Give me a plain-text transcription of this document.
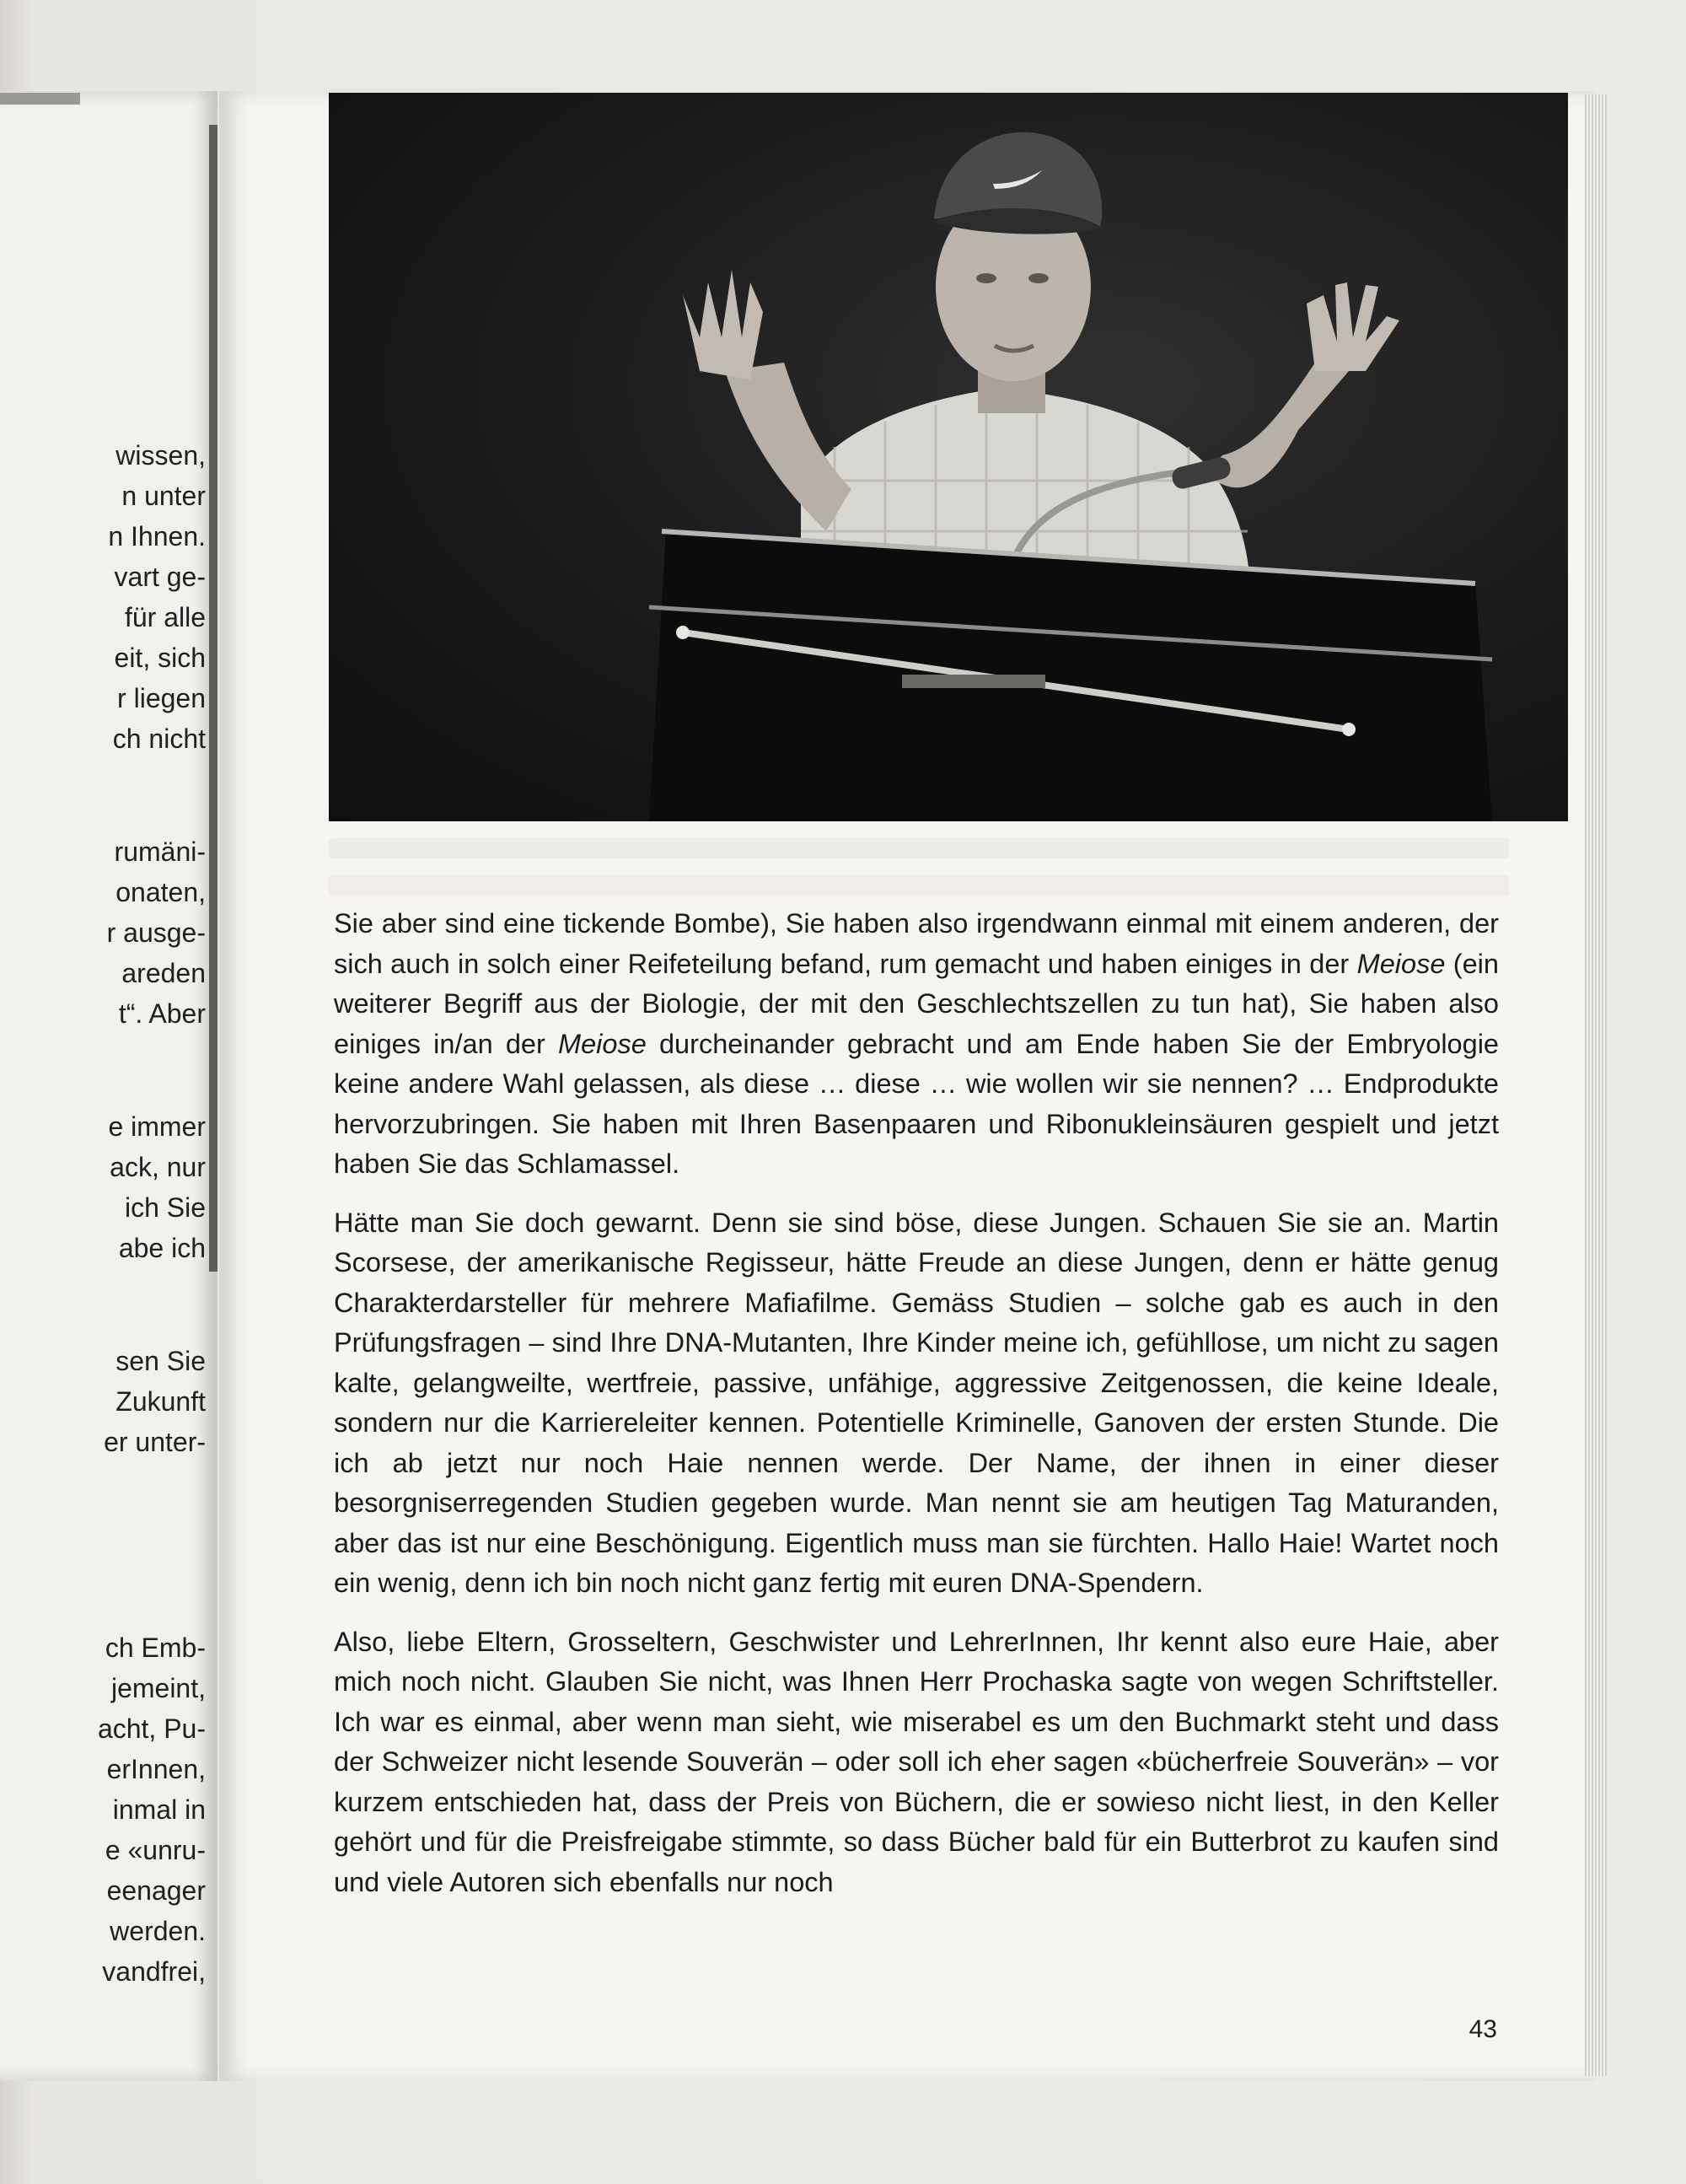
wissen,
n unter
n Ihnen.
vart ge-
für alle
eit, sich
r liegen
ch nicht
rumäni-
onaten,
r ausge-
areden
t“. Aber
e immer
ack, nur
ich Sie
abe ich
sen Sie
Zukunft
er unter-
ch Emb-
jemeint,
acht, Pu-
erInnen,
inmal in
e «unru-
eenager
werden.
vandfrei,

Sie aber sind eine tickende Bombe), Sie haben also irgendwann einmal mit einem anderen, der sich auch in solch einer Reifeteilung befand, rum gemacht und haben einiges in der Meiose (ein weiterer Begriff aus der Biologie, der mit den Geschlechtszellen zu tun hat), Sie haben also einiges in/an der Meiose durcheinander gebracht und am Ende haben Sie der Embryologie keine andere Wahl gelassen, als diese … diese … wie wollen wir sie nennen? … Endprodukte hervorzubringen. Sie haben mit Ihren Basenpaaren und Ribonukleinsäuren gespielt und jetzt haben Sie das Schlamassel.

Hätte man Sie doch gewarnt. Denn sie sind böse, diese Jungen. Schauen Sie sie an. Martin Scorsese, der amerikanische Regisseur, hätte Freude an diese Jungen, denn er hätte genug Charakterdarsteller für mehrere Mafiafilme. Gemäss Studien – solche gab es auch in den Prüfungsfragen – sind Ihre DNA-Mutanten, Ihre Kinder meine ich, gefühllose, um nicht zu sagen kalte, gelangweilte, wertfreie, passive, unfähige, aggressive Zeitgenossen, die keine Ideale, sondern nur die Karriereleiter kennen. Potentielle Kriminelle, Ganoven der ersten Stunde. Die ich ab jetzt nur noch Haie nennen werde. Der Name, der ihnen in einer dieser besorgniserregenden Studien gegeben wurde. Man nennt sie am heutigen Tag Maturanden, aber das ist nur eine Beschönigung. Eigentlich muss man sie fürchten. Hallo Haie! Wartet noch ein wenig, denn ich bin noch nicht ganz fertig mit euren DNA-Spendern.

Also, liebe Eltern, Grosseltern, Geschwister und LehrerInnen, Ihr kennt also eure Haie, aber mich noch nicht. Glauben Sie nicht, was Ihnen Herr Prochaska sagte von wegen Schriftsteller. Ich war es einmal, aber wenn man sieht, wie miserabel es um den Buchmarkt steht und dass der Schweizer nicht lesende Souverän – oder soll ich eher sagen «bücherfreie Souverän» – vor kurzem entschieden hat, dass der Preis von Büchern, die er sowieso nicht liest, in den Keller gehört und für die Preisfreigabe stimmte, so dass Bücher bald für ein Butterbrot zu kaufen sind und viele Autoren sich ebenfalls nur noch

43
